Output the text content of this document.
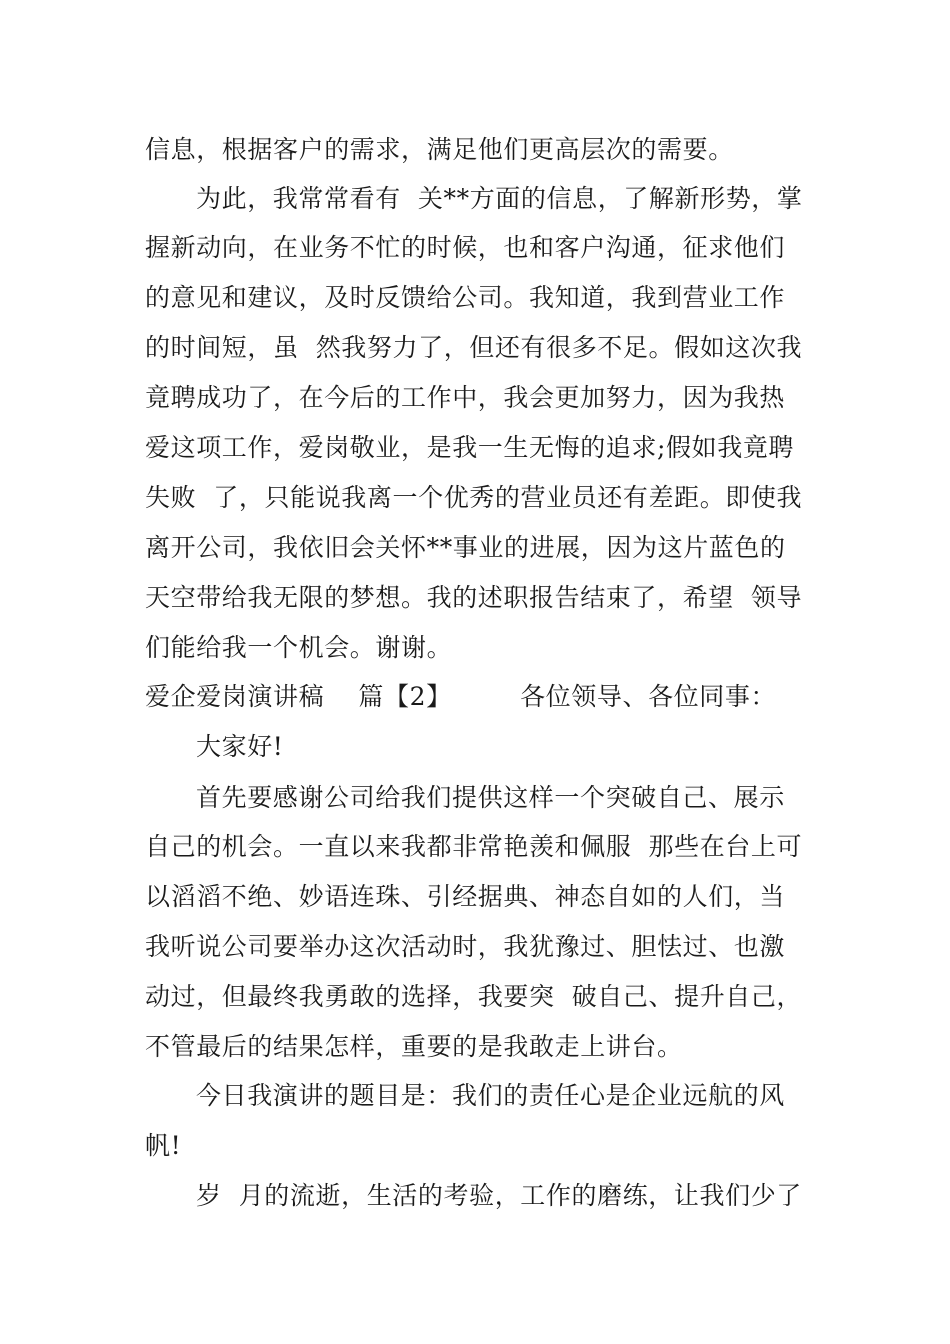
信息，根据客户的需求，满足他们更高层次的需要。
为此，我常常看有  关**方面的信息，了解新形势，掌
握新动向，在业务不忙的时候，也和客户沟通，征求他们
的意见和建议，及时反馈给公司。我知道，我到营业工作
的时间短，虽  然我努力了，但还有很多不足。假如这次我
竟聘成功了，在今后的工作中，我会更加努力，因为我热
爱这项工作，爱岗敬业，是我一生无悔的追求;假如我竟聘
失败  了，只能说我离一个优秀的营业员还有差距。即使我
离开公司，我依旧会关怀**事业的进展，因为这片蓝色的
天空带给我无限的梦想。我的述职报告结束了，希望  领导
们能给我一个机会。谢谢。
爱企爱岗演讲稿    篇【2】        各位领导、各位同事：
大家好!
首先要感谢公司给我们提供这样一个突破自己、展示
自己的机会。一直以来我都非常艳羡和佩服  那些在台上可
以滔滔不绝、妙语连珠、引经据典、神态自如的人们，当
我听说公司要举办这次活动时，我犹豫过、胆怯过、也激
动过，但最终我勇敢的选择，我要突  破自己、提升自己，
不管最后的结果怎样，重要的是我敢走上讲台。
今日我演讲的题目是：我们的责任心是企业远航的风
帆!
岁  月的流逝，生活的考验，工作的磨练，让我们少了
